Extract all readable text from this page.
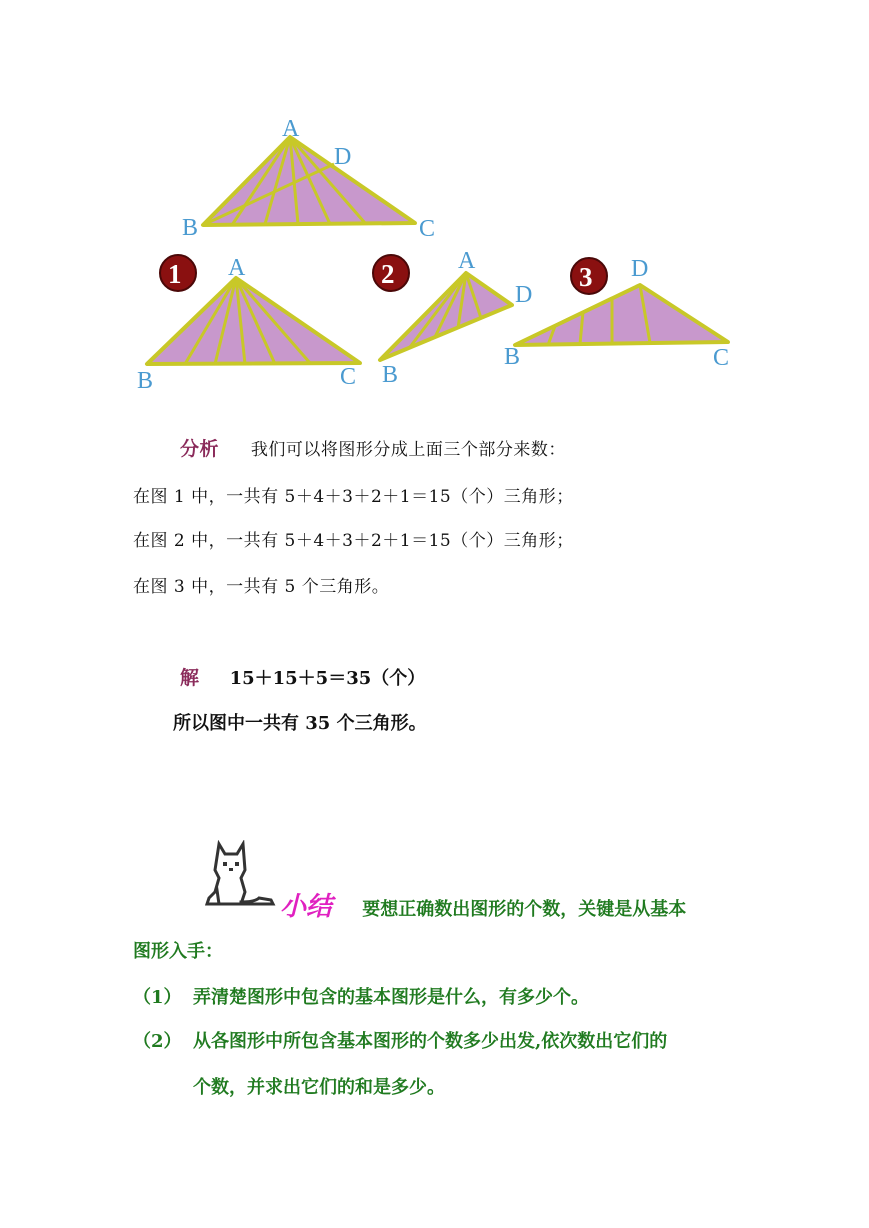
A
D
B	C
1 A
B	C
2	A
B
D
3 D
B	C
分析 我们可以将图形分成上面三个部分来数：
在图 1 中，一共有 5＋4＋3＋2＋1＝15（个）三角形；
在图 2 中，一共有 5＋4＋3＋2＋1＝15（个）三角形；
在图 3 中，一共有 5 个三角形。
解 15＋15＋5＝35（个）
所以图中一共有 35 个三角形。
小结 要想正确数出图形的个数，关键是从基本
图形入手：
（1） 弄清楚图形中包含的基本图形是什么，有多少个。
（2） 从各图形中所包含基本图形的个数多少出发,依次数出它们的
个数，并求出它们的和是多少。
